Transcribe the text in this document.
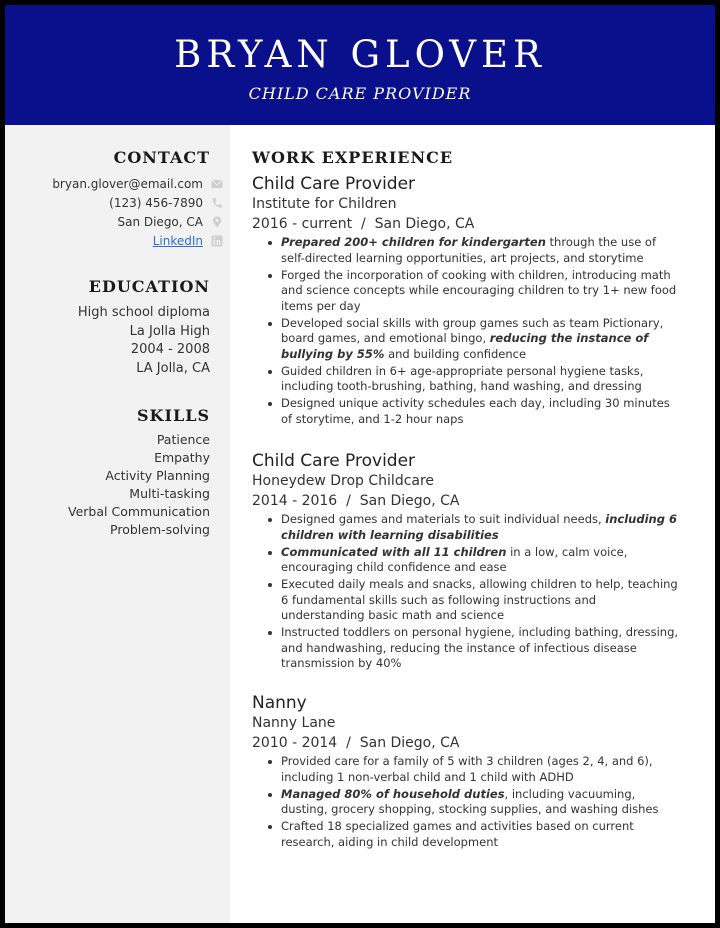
BRYAN GLOVER
CHILD CARE PROVIDER
CONTACT
bryan.glover@email.com
(123) 456-7890
San Diego, CA
LinkedIn
EDUCATION
High school diploma
La Jolla High
2004 - 2008
LA Jolla, CA
SKILLS
Patience
Empathy
Activity Planning
Multi-tasking
Verbal Communication
Problem-solving
WORK EXPERIENCE
Child Care Provider
Institute for Children
2016 - current  /  San Diego, CA
Prepared 200+ children for kindergarten through the use of self-directed learning opportunities, art projects, and storytime
Forged the incorporation of cooking with children, introducing math and science concepts while encouraging children to try 1+ new food items per day
Developed social skills with group games such as team Pictionary, board games, and emotional bingo, reducing the instance of bullying by 55% and building confidence
Guided children in 6+ age-appropriate personal hygiene tasks, including tooth-brushing, bathing, hand washing, and dressing
Designed unique activity schedules each day, including 30 minutes of storytime, and 1-2 hour naps
Child Care Provider
Honeydew Drop Childcare
2014 - 2016  /  San Diego, CA
Designed games and materials to suit individual needs, including 6 children with learning disabilities
Communicated with all 11 children in a low, calm voice, encouraging child confidence and ease
Executed daily meals and snacks, allowing children to help, teaching 6 fundamental skills such as following instructions and understanding basic math and science
Instructed toddlers on personal hygiene, including bathing, dressing, and handwashing, reducing the instance of infectious disease transmission by 40%
Nanny
Nanny Lane
2010 - 2014  /  San Diego, CA
Provided care for a family of 5 with 3 children (ages 2, 4, and 6), including 1 non-verbal child and 1 child with ADHD
Managed 80% of household duties, including vacuuming, dusting, grocery shopping, stocking supplies, and washing dishes
Crafted 18 specialized games and activities based on current research, aiding in child development
